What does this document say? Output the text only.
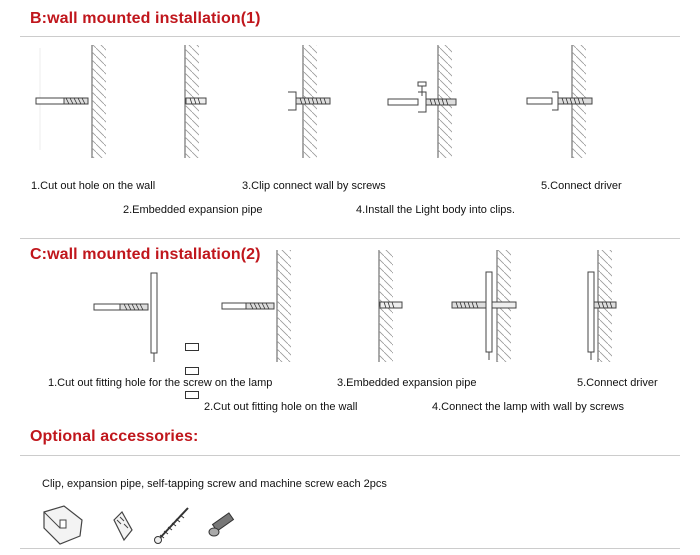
B:wall mounted installation(1)
C:wall mounted installation(2)
Optional accessories:
1.Cut out hole on the wall
2.Embedded expansion pipe
3.Clip connect wall by screws
4.Install the Light body into clips.
5.Connect driver
1.Cut out fitting hole for the screw on the lamp
2.Cut out fitting hole on the wall
3.Embedded expansion pipe
4.Connect the lamp with wall by screws
5.Connect driver
Clip, expansion pipe, self-tapping screw and machine screw each 2pcs
